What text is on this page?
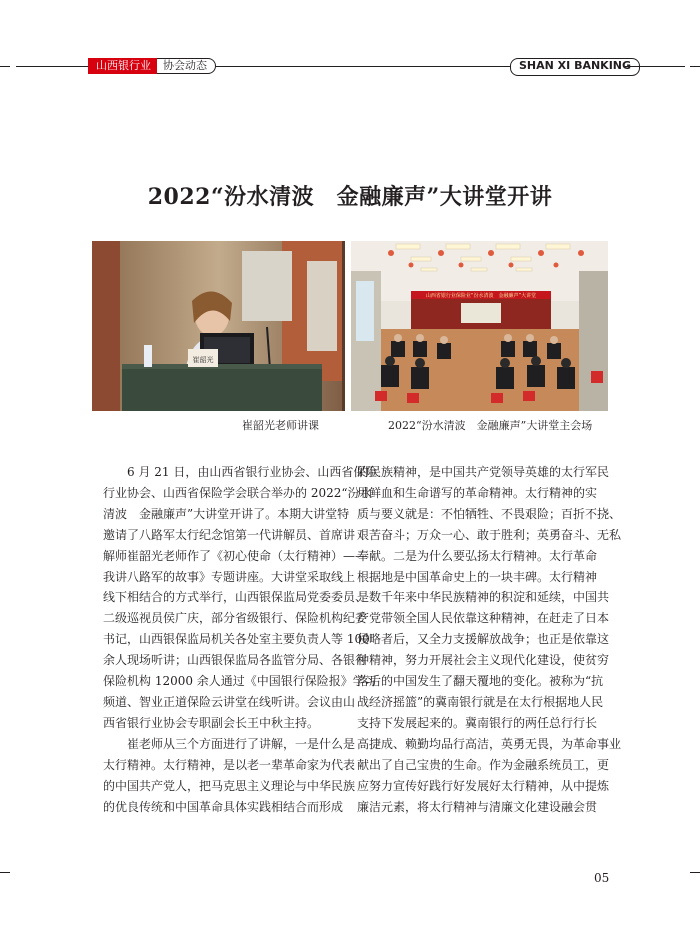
山西银行业	协会动态	SHAN XI BANKING
2022“汾水清波　金融廉声”大讲堂开讲
崔韶光
山西省银行业保险业“汾水清波　金融廉声”大讲堂
崔韶光老师讲课	2022“汾水清波　金融廉声”大讲堂主会场
　　6 月 21 日，由山西省银行业协会、山西省保险
行业协会、山西省保险学会联合举办的 2022“汾水
清波　金融廉声”大讲堂开讲了。本期大讲堂特
邀请了八路军太行纪念馆第一代讲解员、首席讲
解师崔韶光老师作了《初心使命（太行精神）——
我讲八路军的故事》专题讲座。大讲堂采取线上
线下相结合的方式举行，山西银保监局党委委员、
二级巡视员侯广庆，部分省级银行、保险机构纪委
书记，山西银保监局机关各处室主要负责人等 100
余人现场听讲；山西银保监局各监管分局、各银行
保险机构 12000 余人通过《中国银行保险报》学习
频道、智业正道保险云讲堂在线听讲。会议由山
西省银行业协会专职副会长王中秋主持。
　　崔老师从三个方面进行了讲解，一是什么是
太行精神。太行精神，是以老一辈革命家为代表
的中国共产党人，把马克思主义理论与中华民族
的优良传统和中国革命具体实践相结合而形成
的民族精神，是中国共产党领导英雄的太行军民
用鲜血和生命谱写的革命精神。太行精神的实
质与要义就是：不怕牺牲、不畏艰险；百折不挠、
艰苦奋斗；万众一心、敢于胜利；英勇奋斗、无私
奉献。二是为什么要弘扬太行精神。太行革命
根据地是中国革命史上的一块丰碑。太行精神
是数千年来中华民族精神的积淀和延续，中国共
产党带领全国人民依靠这种精神，在赶走了日本
侵略者后，又全力支援解放战争；也正是依靠这
种精神，努力开展社会主义现代化建设，使贫穷
落后的中国发生了翻天覆地的变化。被称为“抗
战经济摇篮”的冀南银行就是在太行根据地人民
支持下发展起来的。冀南银行的两任总行行长
高捷成、赖勤均品行高洁，英勇无畏，为革命事业
献出了自己宝贵的生命。作为金融系统员工，更
应努力宣传好践行好发展好太行精神，从中提炼
廉洁元素，将太行精神与清廉文化建设融会贯
05
